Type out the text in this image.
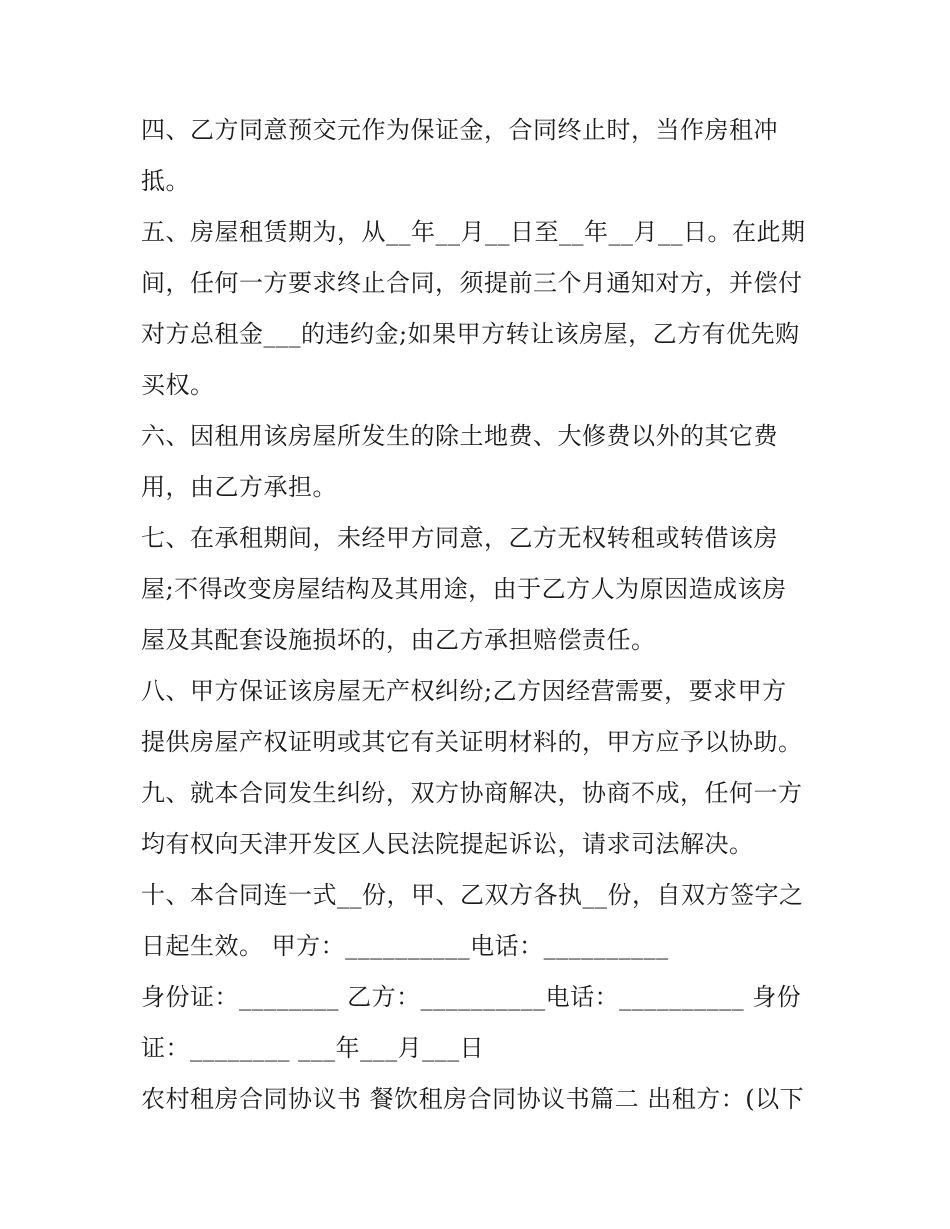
四、乙方同意预交元作为保证金，合同终止时，当作房租冲
抵。
五、房屋租赁期为，从__年__月__日至__年__月__日。在此期
间，任何一方要求终止合同，须提前三个月通知对方，并偿付
对方总租金___的违约金;如果甲方转让该房屋，乙方有优先购
买权。
六、因租用该房屋所发生的除土地费、大修费以外的其它费
用，由乙方承担。
七、在承租期间，未经甲方同意，乙方无权转租或转借该房
屋;不得改变房屋结构及其用途，由于乙方人为原因造成该房
屋及其配套设施损坏的，由乙方承担赔偿责任。
八、甲方保证该房屋无产权纠纷;乙方因经营需要，要求甲方
提供房屋产权证明或其它有关证明材料的，甲方应予以协助。
九、就本合同发生纠纷，双方协商解决，协商不成，任何一方
均有权向天津开发区人民法院提起诉讼，请求司法解决。
十、本合同连一式__份，甲、乙双方各执__份，自双方签字之
日起生效。 甲方：__________电话：__________
身份证：________ 乙方：__________电话：__________ 身份
证：________ ___年___月___日
农村租房合同协议书 餐饮租房合同协议书篇二 出租方：(以下
